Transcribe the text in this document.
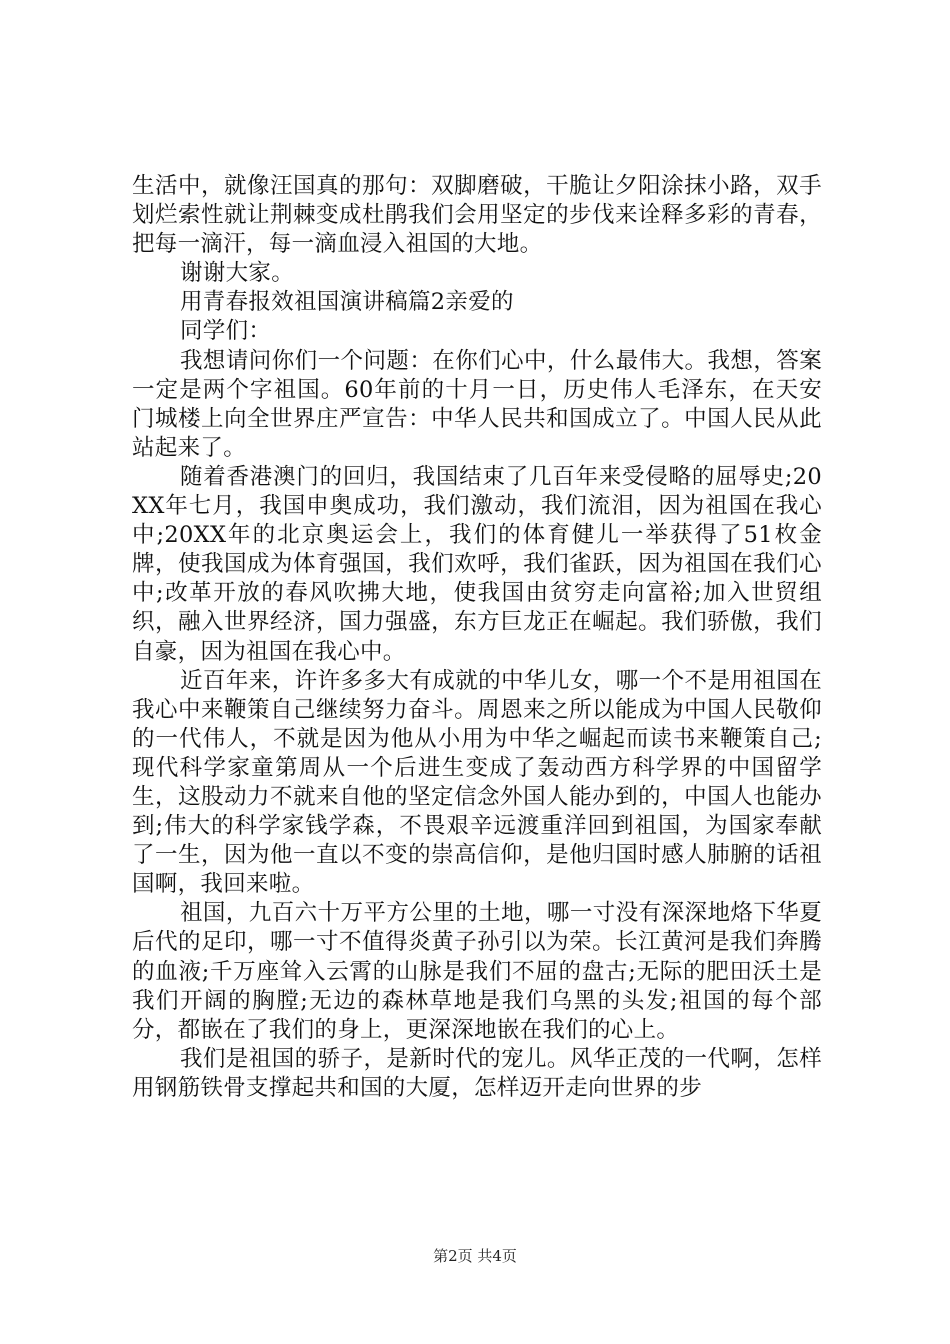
生活中，就像汪国真的那句：双脚磨破，干脆让夕阳涂抹小路，双手划烂索性就让荆棘变成杜鹃我们会用坚定的步伐来诠释多彩的青春，把每一滴汗，每一滴血浸入祖国的大地。

谢谢大家。

用青春报效祖国演讲稿篇2亲爱的

同学们：

我想请问你们一个问题：在你们心中，什么最伟大。我想，答案一定是两个字祖国。60年前的十月一日，历史伟人毛泽东，在天安门城楼上向全世界庄严宣告：中华人民共和国成立了。中国人民从此站起来了。

随着香港澳门的回归，我国结束了几百年来受侵略的屈辱史;20XX年七月，我国申奥成功，我们激动，我们流泪，因为祖国在我心中;20XX年的北京奥运会上，我们的体育健儿一举获得了51枚金牌，使我国成为体育强国，我们欢呼，我们雀跃，因为祖国在我们心中;改革开放的春风吹拂大地，使我国由贫穷走向富裕;加入世贸组织，融入世界经济，国力强盛，东方巨龙正在崛起。我们骄傲，我们自豪，因为祖国在我心中。

近百年来，许许多多大有成就的中华儿女，哪一个不是用祖国在我心中来鞭策自己继续努力奋斗。周恩来之所以能成为中国人民敬仰的一代伟人，不就是因为他从小用为中华之崛起而读书来鞭策自己;现代科学家童第周从一个后进生变成了轰动西方科学界的中国留学生，这股动力不就来自他的坚定信念外国人能办到的，中国人也能办到;伟大的科学家钱学森，不畏艰辛远渡重洋回到祖国，为国家奉献了一生，因为他一直以不变的崇高信仰，是他归国时感人肺腑的话祖国啊，我回来啦。

祖国，九百六十万平方公里的土地，哪一寸没有深深地烙下华夏后代的足印，哪一寸不值得炎黄子孙引以为荣。长江黄河是我们奔腾的血液;千万座耸入云霄的山脉是我们不屈的盘古;无际的肥田沃土是我们开阔的胸膛;无边的森林草地是我们乌黑的头发;祖国的每个部分，都嵌在了我们的身上，更深深地嵌在我们的心上。

我们是祖国的骄子，是新时代的宠儿。风华正茂的一代啊，怎样用钢筋铁骨支撑起共和国的大厦，怎样迈开走向世界的步

第2页 共4页
